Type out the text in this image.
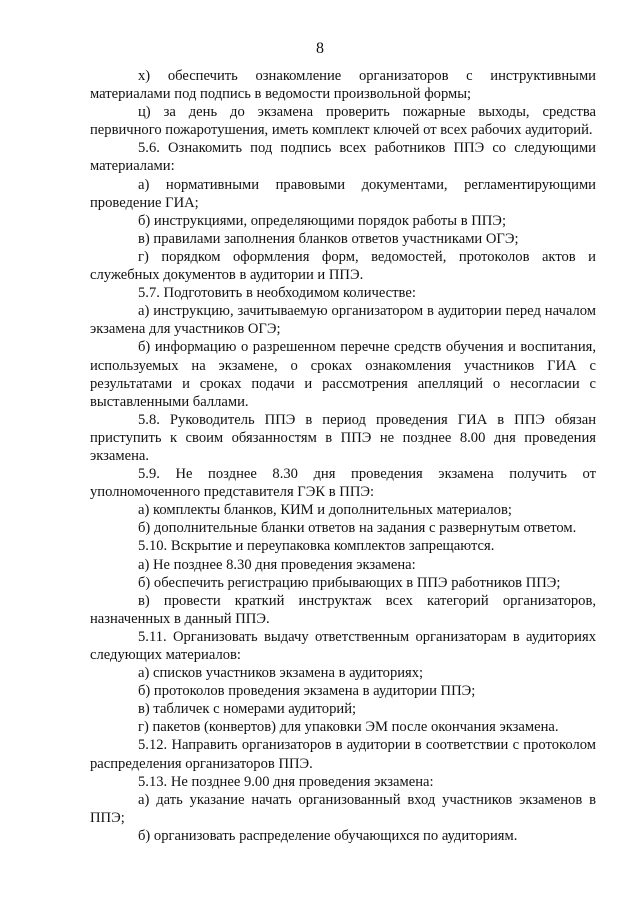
8

х) обеспечить ознакомление организаторов с инструктивными материалами под подпись в ведомости произвольной формы;

ц) за день до экзамена проверить пожарные выходы, средства первичного пожаротушения, иметь комплект ключей от всех рабочих аудиторий.

5.6. Ознакомить под подпись всех работников ППЭ со следующими материалами:

а) нормативными правовыми документами, регламентирующими проведение ГИА;

б) инструкциями, определяющими порядок работы в ППЭ;

в) правилами заполнения бланков ответов участниками ОГЭ;

г) порядком оформления форм, ведомостей, протоколов актов и служебных документов в аудитории и ППЭ.

5.7. Подготовить в необходимом количестве:

а) инструкцию, зачитываемую организатором в аудитории перед началом экзамена для участников ОГЭ;

б) информацию о разрешенном перечне средств обучения и воспитания, используемых на экзамене, о сроках ознакомления участников ГИА с результатами и сроках подачи и рассмотрения апелляций о несогласии с выставленными баллами.

5.8. Руководитель ППЭ в период проведения ГИА в ППЭ обязан приступить к своим обязанностям в ППЭ не позднее 8.00 дня проведения экзамена.

5.9. Не позднее 8.30 дня проведения экзамена получить от уполномоченного представителя ГЭК в ППЭ:

а) комплекты бланков, КИМ и дополнительных материалов;

б) дополнительные бланки ответов на задания с развернутым ответом.

5.10. Вскрытие и переупаковка комплектов запрещаются.

а) Не позднее 8.30 дня проведения экзамена:

б) обеспечить регистрацию прибывающих в ППЭ работников ППЭ;

в) провести краткий инструктаж всех категорий организаторов, назначенных в данный ППЭ.

5.11. Организовать выдачу ответственным организаторам в аудиториях следующих материалов:

а) списков участников экзамена в аудиториях;

б) протоколов проведения экзамена в аудитории ППЭ;

в) табличек с номерами аудиторий;

г) пакетов (конвертов) для упаковки ЭМ после окончания экзамена.

5.12. Направить организаторов в аудитории в соответствии с протоколом распределения организаторов ППЭ.

5.13. Не позднее 9.00 дня проведения экзамена:

а) дать указание начать организованный вход участников экзаменов в ППЭ;

б) организовать распределение обучающихся по аудиториям.
